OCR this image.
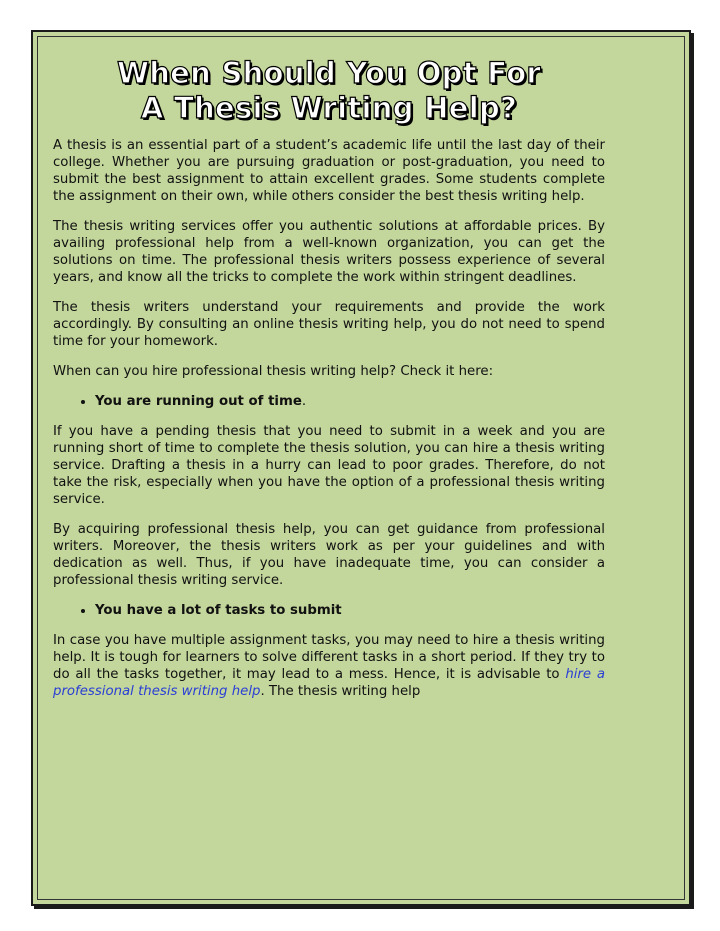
When Should You Opt For
A Thesis Writing Help?

A thesis is an essential part of a student’s academic life until the last day of their college. Whether you are pursuing graduation or post-graduation, you need to submit the best assignment to attain excellent grades. Some students complete the assignment on their own, while others consider the best thesis writing help.

The thesis writing services offer you authentic solutions at affordable prices. By availing professional help from a well-known organization, you can get the solutions on time. The professional thesis writers possess experience of several years, and know all the tricks to complete the work within stringent deadlines.

The thesis writers understand your requirements and provide the work accordingly. By consulting an online thesis writing help, you do not need to spend time for your homework.

When can you hire professional thesis writing help? Check it here:

• You are running out of time.

If you have a pending thesis that you need to submit in a week and you are running short of time to complete the thesis solution, you can hire a thesis writing service. Drafting a thesis in a hurry can lead to poor grades. Therefore, do not take the risk, especially when you have the option of a professional thesis writing service.

By acquiring professional thesis help, you can get guidance from professional writers. Moreover, the thesis writers work as per your guidelines and with dedication as well. Thus, if you have inadequate time, you can consider a professional thesis writing service.

• You have a lot of tasks to submit

In case you have multiple assignment tasks, you may need to hire a thesis writing help. It is tough for learners to solve different tasks in a short period. If they try to do all the tasks together, it may lead to a mess. Hence, it is advisable to hire a professional thesis writing help. The thesis writing help
